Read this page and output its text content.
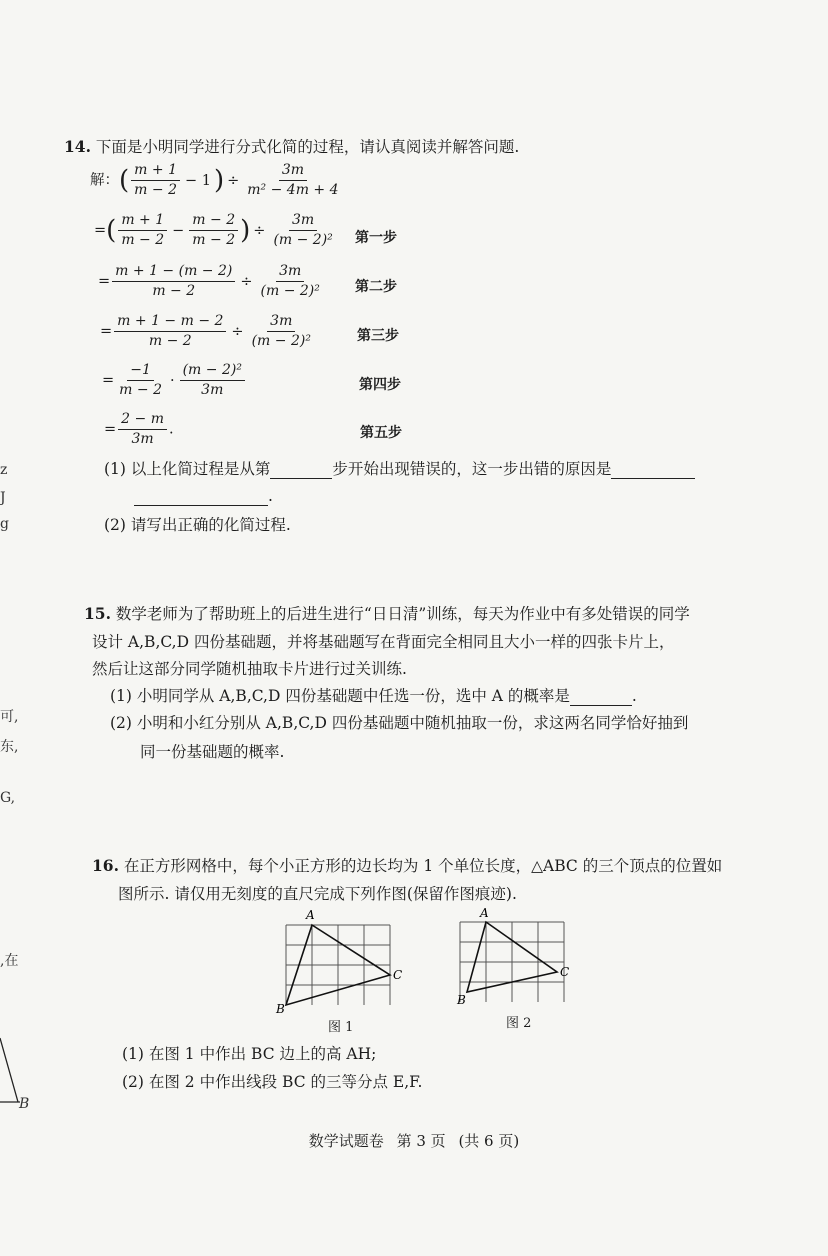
z
J
g
可,
东,
G,
,在
B
14. 下面是小明同学进行分式化简的过程，请认真阅读并解答问题.
解：( $\frac{m + 1}{m - 2} - 1$ ) ÷ $\frac{3m}{\text{m² − 4m + 4}}$
=( $\frac{m + 1}{m - 2} - \frac{m - 2}{m - 2}$ ) ÷ $\frac{3m}{\text{(m − 2)²}}$ 第一步
= $\frac{m + 1 - (m - 2)}{m - 2} \div \frac{3m}{\text{(m − 2)²}}$ 第二步
= $\frac{m + 1 - m - 2}{m - 2} \div \frac{3m}{\text{(m − 2)²}}$	第三步
= $\frac{-1}{m - 2} \cdot \frac{\text{(m − 2)²}}{3m}$	第四步
= $\frac{2 - m}{3m}$ .	第五步
(1) 以上化简过程是从第	步开始出现错误的，这一步出错的原因是
.
(2) 请写出正确的化简过程.
15. 数学老师为了帮助班上的后进生进行“日日清”训练，每天为作业中有多处错误的同学
设计 A,B,C,D 四份基础题，并将基础题写在背面完全相同且大小一样的四张卡片上，
然后让这部分同学随机抽取卡片进行过关训练.
(1) 小明同学从 A,B,C,D 四份基础题中任选一份，选中 A 的概率是	.
(2) 小明和小红分别从 A,B,C,D 四份基础题中随机抽取一份，求这两名同学恰好抽到
同一份基础题的概率.
16. 在正方形网格中，每个小正方形的边长均为 1 个单位长度，△ABC 的三个顶点的位置如
图所示. 请仅用无刻度的直尺完成下列作图(保留作图痕迹).
A
C
B
图 1
A
C
B
图 2
(1) 在图 1 中作出 BC 边上的高 AH;
(2) 在图 2 中作出线段 BC 的三等分点 E,F.
数学试题卷 第 3 页 (共 6 页)
